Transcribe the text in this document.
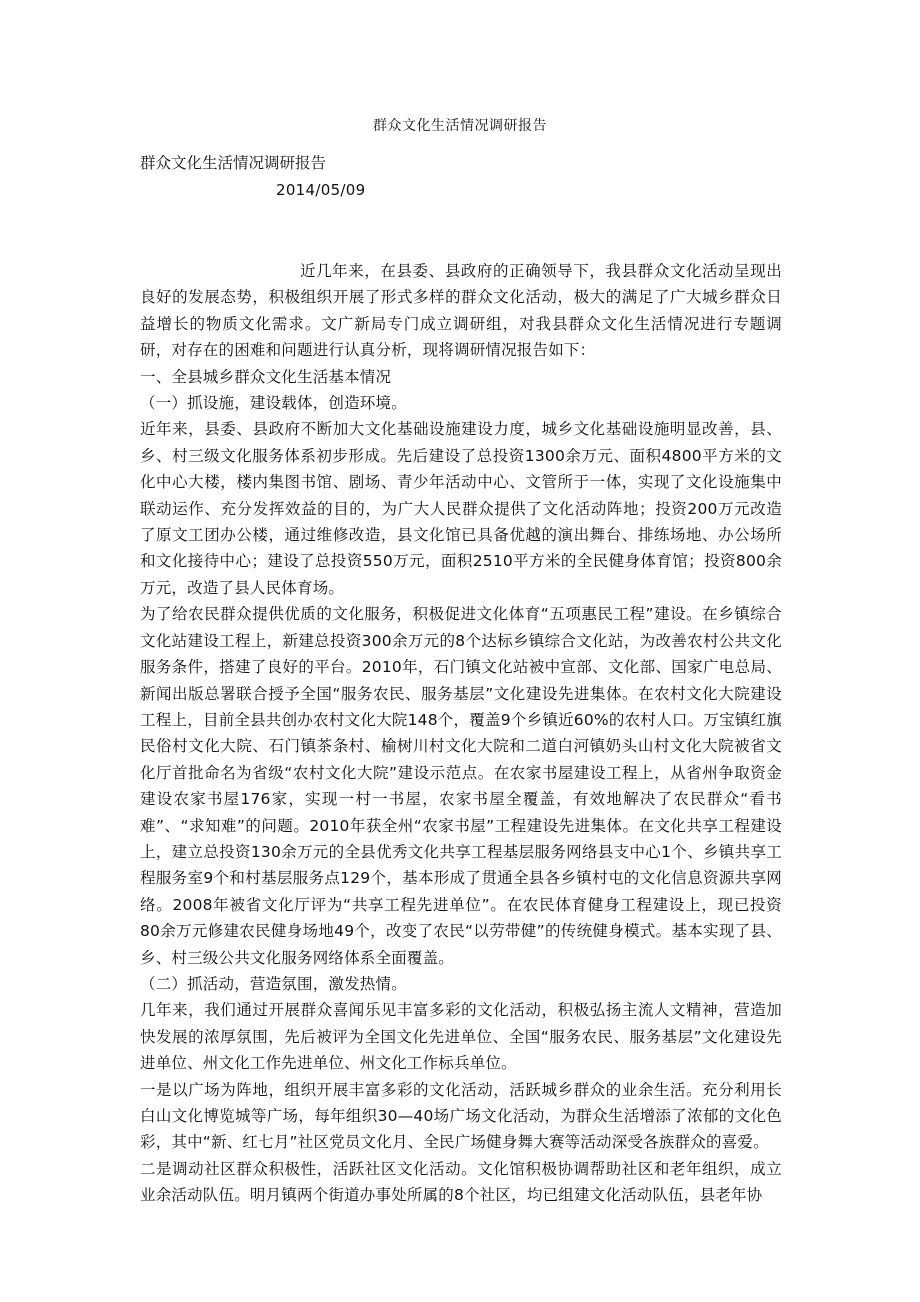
群众文化生活情况调研报告
群众文化生活情况调研报告
2014/05/09

近几年来，在县委、县政府的正确领导下，我县群众文化活动呈现出良好的发展态势，积极组织开展了形式多样的群众文化活动，极大的满足了广大城乡群众日益增长的物质文化需求。文广新局专门成立调研组，对我县群众文化生活情况进行专题调研，对存在的困难和问题进行认真分析，现将调研情况报告如下：

一、全县城乡群众文化生活基本情况

（一）抓设施，建设载体，创造环境。

近年来，县委、县政府不断加大文化基础设施建设力度，城乡文化基础设施明显改善，县、乡、村三级文化服务体系初步形成。先后建设了总投资1300余万元、面积4800平方米的文化中心大楼，楼内集图书馆、剧场、青少年活动中心、文管所于一体，实现了文化设施集中联动运作、充分发挥效益的目的，为广大人民群众提供了文化活动阵地；投资200万元改造了原文工团办公楼，通过维修改造，县文化馆已具备优越的演出舞台、排练场地、办公场所和文化接待中心；建设了总投资550万元，面积2510平方米的全民健身体育馆；投资800余万元，改造了县人民体育场。

为了给农民群众提供优质的文化服务，积极促进文化体育“五项惠民工程”建设。在乡镇综合文化站建设工程上，新建总投资300余万元的8个达标乡镇综合文化站，为改善农村公共文化服务条件，搭建了良好的平台。2010年，石门镇文化站被中宣部、文化部、国家广电总局、新闻出版总署联合授予全国“服务农民、服务基层”文化建设先进集体。在农村文化大院建设工程上，目前全县共创办农村文化大院148个，覆盖9个乡镇近60%的农村人口。万宝镇红旗民俗村文化大院、石门镇茶条村、榆树川村文化大院和二道白河镇奶头山村文化大院被省文化厅首批命名为省级“农村文化大院”建设示范点。在农家书屋建设工程上，从省州争取资金建设农家书屋176家，实现一村一书屋，农家书屋全覆盖，有效地解决了农民群众“看书难”、“求知难”的问题。2010年获全州“农家书屋”工程建设先进集体。在文化共享工程建设上，建立总投资130余万元的全县优秀文化共享工程基层服务网络县支中心1个、乡镇共享工程服务室9个和村基层服务点129个，基本形成了贯通全县各乡镇村屯的文化信息资源共享网络。2008年被省文化厅评为“共享工程先进单位”。在农民体育健身工程建设上，现已投资80余万元修建农民健身场地49个，改变了农民“以劳带健”的传统健身模式。基本实现了县、乡、村三级公共文化服务网络体系全面覆盖。

（二）抓活动，营造氛围，激发热情。

几年来，我们通过开展群众喜闻乐见丰富多彩的文化活动，积极弘扬主流人文精神，营造加快发展的浓厚氛围，先后被评为全国文化先进单位、全国“服务农民、服务基层”文化建设先进单位、州文化工作先进单位、州文化工作标兵单位。

一是以广场为阵地，组织开展丰富多彩的文化活动，活跃城乡群众的业余生活。充分利用长白山文化博览城等广场，每年组织30—40场广场文化活动，为群众生活增添了浓郁的文化色彩，其中“新、红七月”社区党员文化月、全民广场健身舞大赛等活动深受各族群众的喜爱。

二是调动社区群众积极性，活跃社区文化活动。文化馆积极协调帮助社区和老年组织，成立业余活动队伍。明月镇两个街道办事处所属的8个社区，均已组建文化活动队伍，县老年协
